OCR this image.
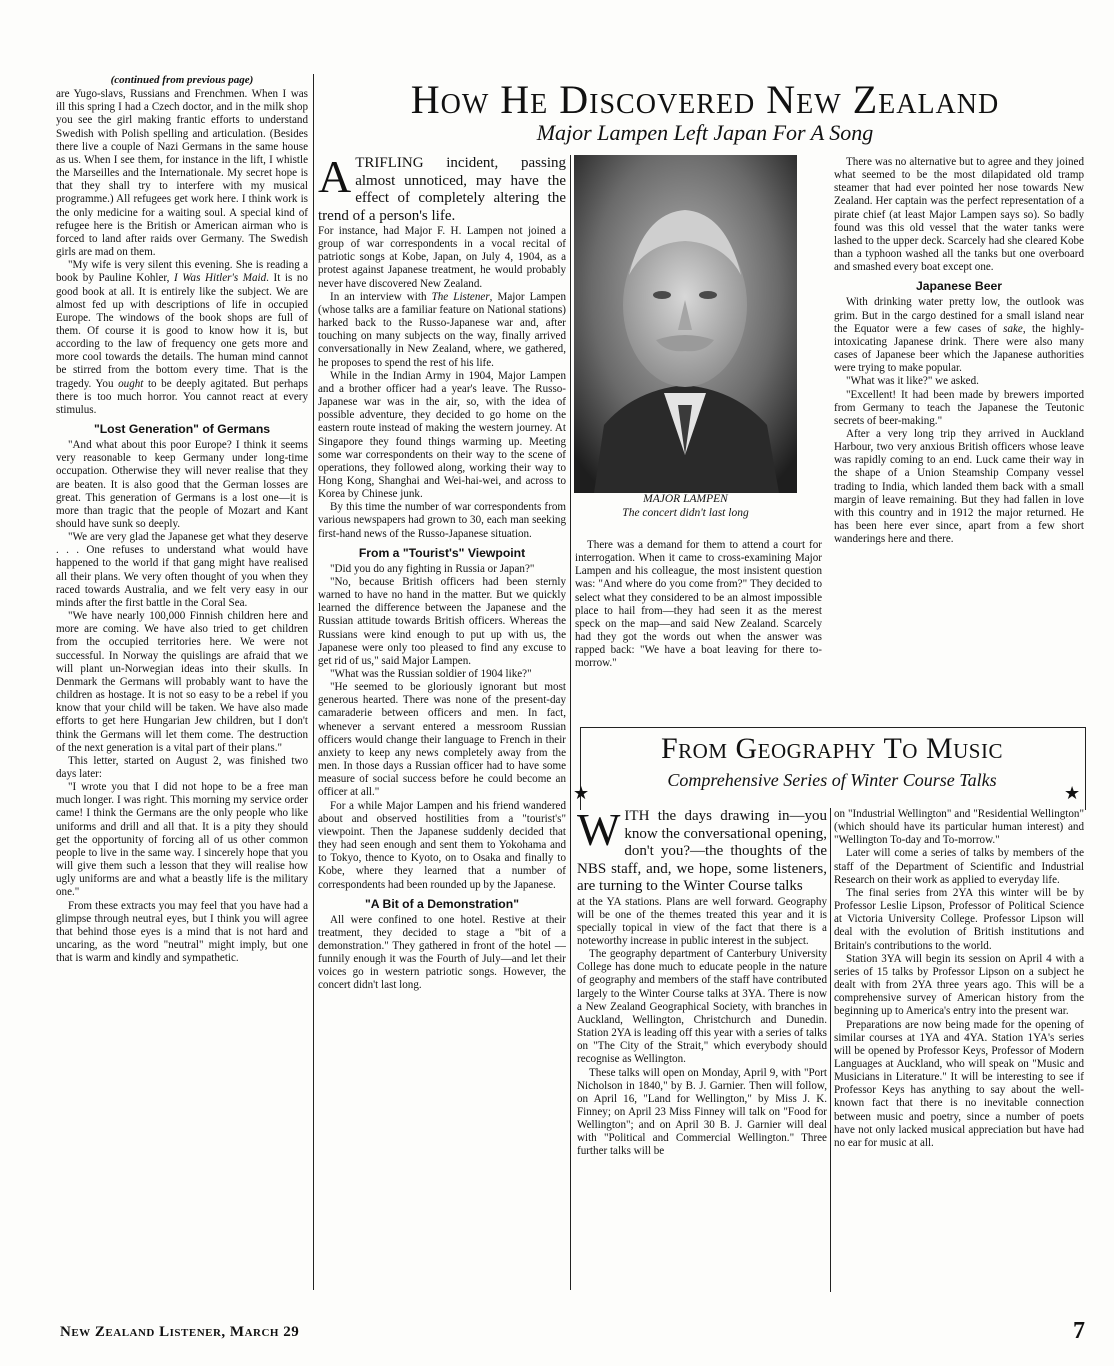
(continued from previous page)

are Yugo-slavs, Russians and Frenchmen. When I was ill this spring I had a Czech doctor, and in the milk shop you see the girl making frantic efforts to understand Swedish with Polish spelling and articulation. (Besides there live a couple of Nazi Germans in the same house as us. When I see them, for instance in the lift, I whistle the Marseilles and the Internationale. My secret hope is that they shall try to interfere with my musical programme.) All refugees get work here. I think work is the only medicine for a waiting soul. A special kind of refugee here is the British or American airman who is forced to land after raids over Germany. The Swedish girls are mad on them.

"My wife is very silent this evening. She is reading a book by Pauline Kohler, I Was Hitler's Maid. It is no good book at all. It is entirely like the subject. We are almost fed up with descriptions of life in occupied Europe. The windows of the book shops are full of them. Of course it is good to know how it is, but according to the law of frequency one gets more and more cool towards the details. The human mind cannot be stirred from the bottom every time. That is the tragedy. You ought to be deeply agitated. But perhaps there is too much horror. You cannot react at every stimulus.

"Lost Generation" of Germans

"And what about this poor Europe? I think it seems very reasonable to keep Germany under long-time occupation. Otherwise they will never realise that they are beaten. It is also good that the German losses are great. This generation of Germans is a lost one—it is more than tragic that the people of Mozart and Kant should have sunk so deeply.

"We are very glad the Japanese get what they deserve . . . One refuses to understand what would have happened to the world if that gang might have realised all their plans. We very often thought of you when they raced towards Australia, and we felt very easy in our minds after the first battle in the Coral Sea.

"We have nearly 100,000 Finnish children here and more are coming. We have also tried to get children from the occupied territories here. We were not successful. In Norway the quislings are afraid that we will plant un-Norwegian ideas into their skulls. In Denmark the Germans will probably want to have the children as hostage. It is not so easy to be a rebel if you know that your child will be taken. We have also made efforts to get here Hungarian Jew children, but I don't think the Germans will let them come. The destruction of the next generation is a vital part of their plans."

This letter, started on August 2, was finished two days later:

"I wrote you that I did not hope to be a free man much longer. I was right. This morning my service order came! I think the Germans are the only people who like uniforms and drill and all that. It is a pity they should get the opportunity of forcing all of us other common people to live in the same way. I sincerely hope that you will give them such a lesson that they will realise how ugly uniforms are and what a beastly life is the military one."

From these extracts you may feel that you have had a glimpse through neutral eyes, but I think you will agree that behind those eyes is a mind that is not hard and uncaring, as the word "neutral" might imply, but one that is warm and kindly and sympathetic.

How He Discovered New Zealand
Major Lampen Left Japan For A Song

ATRIFLING incident, passing almost unnoticed, may have the effect of completely altering the trend of a person's life.

For instance, had Major F. H. Lampen not joined a group of war correspondents in a vocal recital of patriotic songs at Kobe, Japan, on July 4, 1904, as a protest against Japanese treatment, he would probably never have discovered New Zealand.

In an interview with The Listener, Major Lampen (whose talks are a familiar feature on National stations) harked back to the Russo-Japanese war and, after touching on many subjects on the way, finally arrived conversationally in New Zealand, where, we gathered, he proposes to spend the rest of his life.

While in the Indian Army in 1904, Major Lampen and a brother officer had a year's leave. The Russo-Japanese war was in the air, so, with the idea of possible adventure, they decided to go home on the eastern route instead of making the western journey. At Singapore they found things warming up. Meeting some war correspondents on their way to the scene of operations, they followed along, working their way to Hong Kong, Shanghai and Wei-hai-wei, and across to Korea by Chinese junk.

By this time the number of war correspondents from various newspapers had grown to 30, each man seeking first-hand news of the Russo-Japanese situation.

From a "Tourist's" Viewpoint

"Did you do any fighting in Russia or Japan?"

"No, because British officers had been sternly warned to have no hand in the matter. But we quickly learned the difference between the Japanese and the Russian attitude towards British officers. Whereas the Russians were kind enough to put up with us, the Japanese were only too pleased to find any excuse to get rid of us," said Major Lampen.

"What was the Russian soldier of 1904 like?"

"He seemed to be gloriously ignorant but most generous hearted. There was none of the present-day camaraderie between officers and men. In fact, whenever a servant entered a messroom Russian officers would change their language to French in their anxiety to keep any news completely away from the men. In those days a Russian officer had to have some measure of social success before he could become an officer at all."

For a while Major Lampen and his friend wandered about and observed hostilities from a "tourist's" viewpoint. Then the Japanese suddenly decided that they had seen enough and sent them to Yokohama and to Tokyo, thence to Kyoto, on to Osaka and finally to Kobe, where they learned that a number of correspondents had been rounded up by the Japanese.

"A Bit of a Demonstration"

All were confined to one hotel. Restive at their treatment, they decided to stage a "bit of a demonstration." They gathered in front of the hotel — funnily enough it was the Fourth of July—and let their voices go in western patriotic songs. However, the concert didn't last long.

MAJOR LAMPEN
The concert didn't last long

There was a demand for them to attend a court for interrogation. When it came to cross-examining Major Lampen and his colleague, the most insistent question was: "And where do you come from?" They decided to select what they considered to be an almost impossible place to hail from—they had seen it as the merest speck on the map—and said New Zealand. Scarcely had they got the words out when the answer was rapped back: "We have a boat leaving for there to-morrow."

There was no alternative but to agree and they joined what seemed to be the most dilapidated old tramp steamer that had ever pointed her nose towards New Zealand. Her captain was the perfect representation of a pirate chief (at least Major Lampen says so). So badly found was this old vessel that the water tanks were lashed to the upper deck. Scarcely had she cleared Kobe than a typhoon washed all the tanks but one overboard and smashed every boat except one.

Japanese Beer

With drinking water pretty low, the outlook was grim. But in the cargo destined for a small island near the Equator were a few cases of sake, the highly-intoxicating Japanese drink. There were also many cases of Japanese beer which the Japanese authorities were trying to make popular.

"What was it like?" we asked.

"Excellent! It had been made by brewers imported from Germany to teach the Japanese the Teutonic secrets of beer-making."

After a very long trip they arrived in Auckland Harbour, two very anxious British officers whose leave was rapidly coming to an end. Luck came their way in the shape of a Union Steamship Company vessel trading to India, which landed them back with a small margin of leave remaining. But they had fallen in love with this country and in 1912 the major returned. He has been here ever since, apart from a few short wanderings here and there.

From Geography To Music
Comprehensive Series of Winter Course Talks
★	★

WITH the days drawing in—you know the conversational opening, don't you?—the thoughts of the NBS staff, and, we hope, some listeners, are turning to the Winter Course talks

at the YA stations. Plans are well forward. Geography will be one of the themes treated this year and it is specially topical in view of the fact that there is a noteworthy increase in public interest in the subject.

The geography department of Canterbury University College has done much to educate people in the nature of geography and members of the staff have contributed largely to the Winter Course talks at 3YA. There is now a New Zealand Geographical Society, with branches in Auckland, Wellington, Christchurch and Dunedin. Station 2YA is leading off this year with a series of talks on "The City of the Strait," which everybody should recognise as Wellington.

These talks will open on Monday, April 9, with "Port Nicholson in 1840," by B. J. Garnier. Then will follow, on April 16, "Land for Wellington," by Miss J. K. Finney; on April 23 Miss Finney will talk on "Food for Wellington"; and on April 30 B. J. Garnier will deal with "Political and Commercial Wellington." Three further talks will be

on "Industrial Wellington" and "Residential Wellington" (which should have its particular human interest) and "Wellington To-day and To-morrow."

Later will come a series of talks by members of the staff of the Department of Scientific and Industrial Research on their work as applied to everyday life.

The final series from 2YA this winter will be by Professor Leslie Lipson, Professor of Political Science at Victoria University College. Professor Lipson will deal with the evolution of British institutions and Britain's contributions to the world.

Station 3YA will begin its session on April 4 with a series of 15 talks by Professor Lipson on a subject he dealt with from 2YA three years ago. This will be a comprehensive survey of American history from the beginning up to America's entry into the present war.

Preparations are now being made for the opening of similar courses at 1YA and 4YA. Station 1YA's series will be opened by Professor Keys, Professor of Modern Languages at Auckland, who will speak on "Music and Musicians in Literature." It will be interesting to see if Professor Keys has anything to say about the well-known fact that there is no inevitable connection between music and poetry, since a number of poets have not only lacked musical appreciation but have had no ear for music at all.

New Zealand Listener, March 29	7
